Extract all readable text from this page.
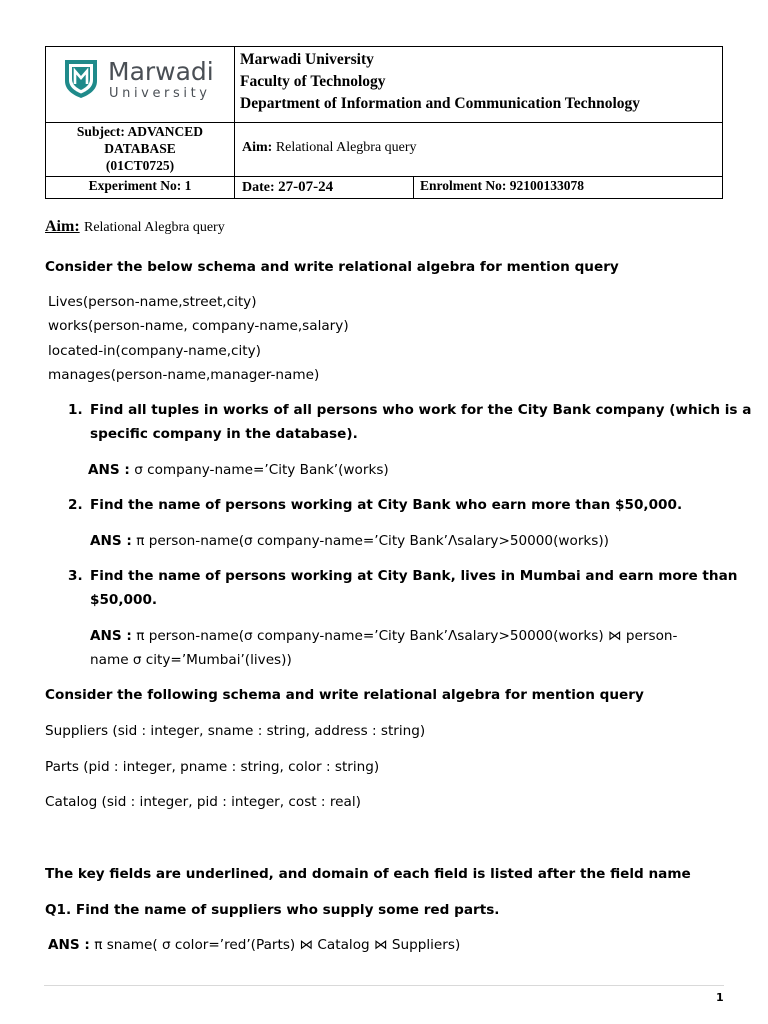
Marwadi
University
Marwadi University
Faculty of Technology
Department of Information and Communication Technology
Subject: ADVANCED
DATABASE
(01CT0725)
Aim: Relational Alegbra query
Experiment No: 1	Date: 27-07-24	Enrolment No: 92100133078
Aim: Relational Alegbra query
Consider the below schema and write relational algebra for mention query
Lives(person-name,street,city)
works(person-name, company-name,salary)
located-in(company-name,city)
manages(person-name,manager-name)
1. Find all tuples in works of all persons who work for the City Bank company (which is a
specific company in the database).
ANS : σ company-name=’City Bank’(works)
2. Find the name of persons working at City Bank who earn more than $50,000.
ANS : π person-name(σ company-name=’City Bank’Ʌsalary>50000(works))
3. Find the name of persons working at City Bank, lives in Mumbai and earn more than
$50,000.
ANS : π person-name(σ company-name=’City Bank’Ʌsalary>50000(works) ⋈ person-
name σ city=’Mumbai’(lives))
Consider the following schema and write relational algebra for mention query
Suppliers (sid : integer, sname : string, address : string)
Parts (pid : integer, pname : string, color : string)
Catalog (sid : integer, pid : integer, cost : real)
The key fields are underlined, and domain of each field is listed after the field name
Q1. Find the name of suppliers who supply some red parts.
ANS : π sname( σ color=’red’(Parts) ⋈ Catalog ⋈ Suppliers)
1
